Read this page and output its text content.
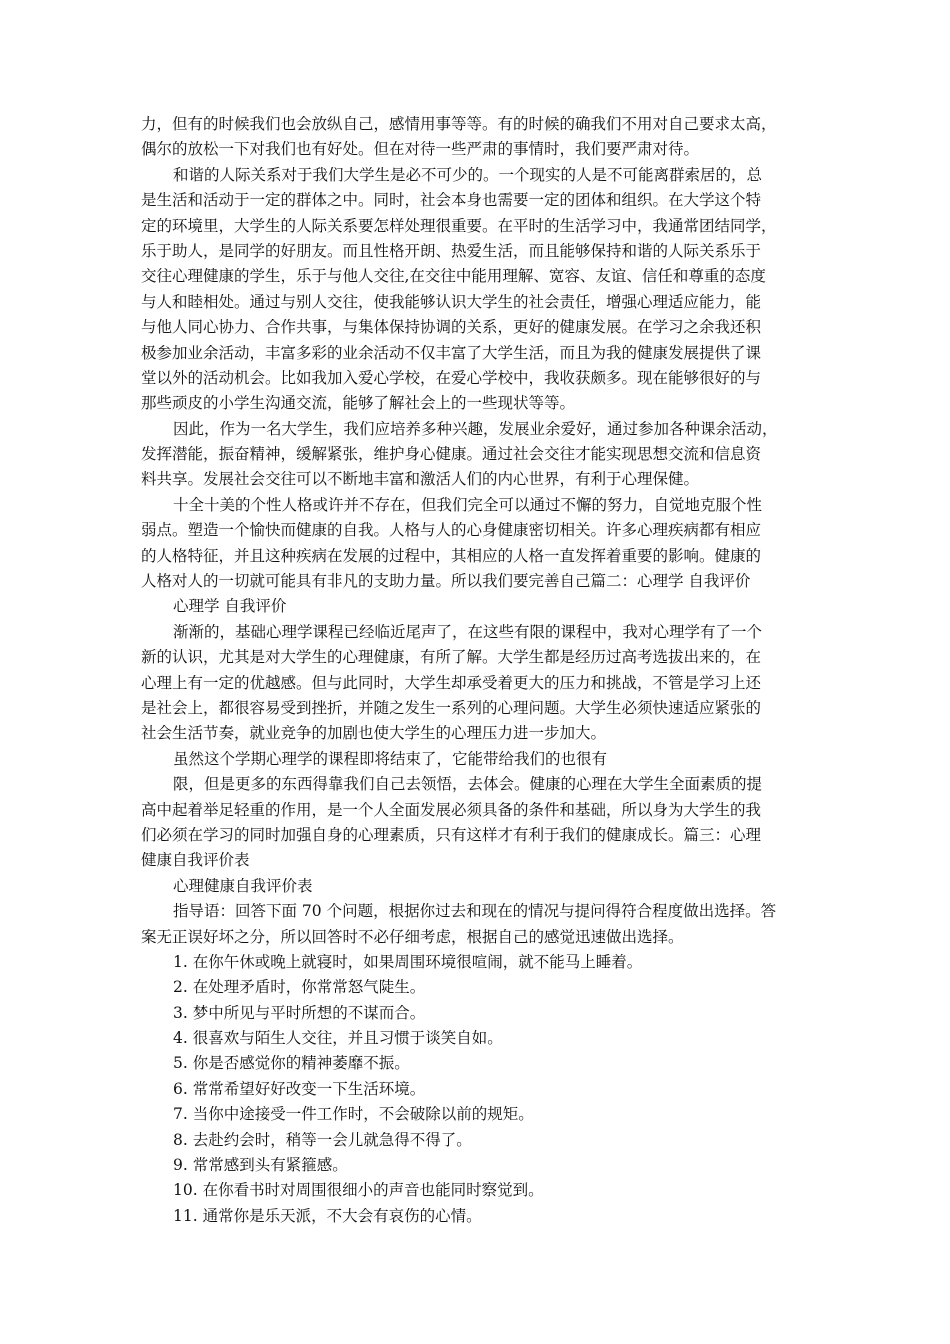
力，但有的时候我们也会放纵自己，感情用事等等。有的时候的确我们不用对自己要求太高，
偶尔的放松一下对我们也有好处。但在对待一些严肃的事情时，我们要严肃对待。
和谐的人际关系对于我们大学生是必不可少的。一个现实的人是不可能离群索居的，总
是生活和活动于一定的群体之中。同时，社会本身也需要一定的团体和组织。在大学这个特
定的环境里，大学生的人际关系要怎样处理很重要。在平时的生活学习中，我通常团结同学，
乐于助人，是同学的好朋友。而且性格开朗、热爱生活，而且能够保持和谐的人际关系乐于
交往心理健康的学生，乐于与他人交往,在交往中能用理解、宽容、友谊、信任和尊重的态度
与人和睦相处。通过与别人交往，使我能够认识大学生的社会责任，增强心理适应能力，能
与他人同心协力、合作共事，与集体保持协调的关系，更好的健康发展。在学习之余我还积
极参加业余活动，丰富多彩的业余活动不仅丰富了大学生活，而且为我的健康发展提供了课
堂以外的活动机会。比如我加入爱心学校，在爱心学校中，我收获颇多。现在能够很好的与
那些顽皮的小学生沟通交流，能够了解社会上的一些现状等等。
因此，作为一名大学生，我们应培养多种兴趣，发展业余爱好，通过参加各种课余活动，
发挥潜能，振奋精神，缓解紧张，维护身心健康。通过社会交往才能实现思想交流和信息资
料共享。发展社会交往可以不断地丰富和激活人们的内心世界，有利于心理保健。
十全十美的个性人格或许并不存在，但我们完全可以通过不懈的努力，自觉地克服个性
弱点。塑造一个愉快而健康的自我。人格与人的心身健康密切相关。许多心理疾病都有相应
的人格特征，并且这种疾病在发展的过程中，其相应的人格一直发挥着重要的影响。健康的
人格对人的一切就可能具有非凡的支助力量。所以我们要完善自己篇二：心理学 自我评价
心理学 自我评价
渐渐的，基础心理学课程已经临近尾声了，在这些有限的课程中，我对心理学有了一个
新的认识，尤其是对大学生的心理健康，有所了解。大学生都是经历过高考选拔出来的，在
心理上有一定的优越感。但与此同时，大学生却承受着更大的压力和挑战，不管是学习上还
是社会上，都很容易受到挫折，并随之发生一系列的心理问题。大学生必须快速适应紧张的
社会生活节奏，就业竞争的加剧也使大学生的心理压力进一步加大。
虽然这个学期心理学的课程即将结束了，它能带给我们的也很有
限，但是更多的东西得靠我们自己去领悟，去体会。健康的心理在大学生全面素质的提
高中起着举足轻重的作用，是一个人全面发展必须具备的条件和基础，所以身为大学生的我
们必须在学习的同时加强自身的心理素质，只有这样才有利于我们的健康成长。篇三：心理
健康自我评价表
心理健康自我评价表
指导语：回答下面 70 个问题，根据你过去和现在的情况与提问得符合程度做出选择。答
案无正误好坏之分，所以回答时不必仔细考虑，根据自己的感觉迅速做出选择。
1. 在你午休或晚上就寝时，如果周围环境很喧闹，就不能马上睡着。
2. 在处理矛盾时，你常常怒气陡生。
3. 梦中所见与平时所想的不谋而合。
4. 很喜欢与陌生人交往，并且习惯于谈笑自如。
5. 你是否感觉你的精神萎靡不振。
6. 常常希望好好改变一下生活环境。
7. 当你中途接受一件工作时，不会破除以前的规矩。
8. 去赴约会时，稍等一会儿就急得不得了。
9. 常常感到头有紧箍感。
10. 在你看书时对周围很细小的声音也能同时察觉到。
11. 通常你是乐天派，不大会有哀伤的心情。
